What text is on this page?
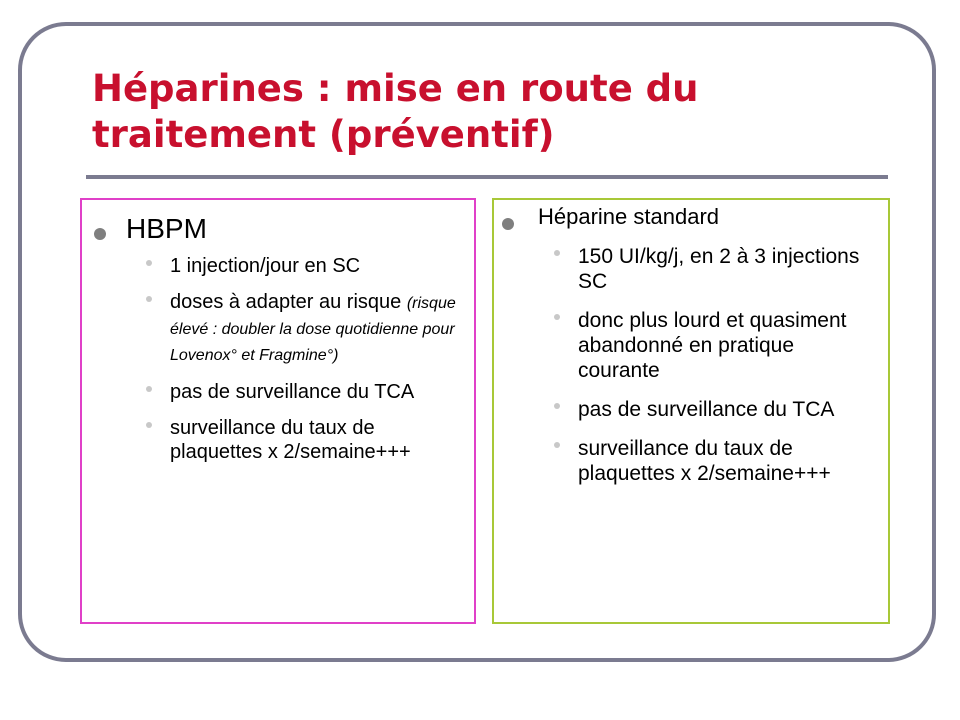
Héparines : mise en route du traitement (préventif)
HBPM
1 injection/jour en SC
doses à adapter au risque (risque élevé : doubler la dose quotidienne pour Lovenox° et Fragmine°)
pas de surveillance du TCA
surveillance du taux de plaquettes x 2/semaine+++
Héparine standard
150 UI/kg/j, en 2 à 3 injections SC
donc plus lourd et quasiment abandonné en pratique courante
pas de surveillance du TCA
surveillance du taux de plaquettes x 2/semaine+++
